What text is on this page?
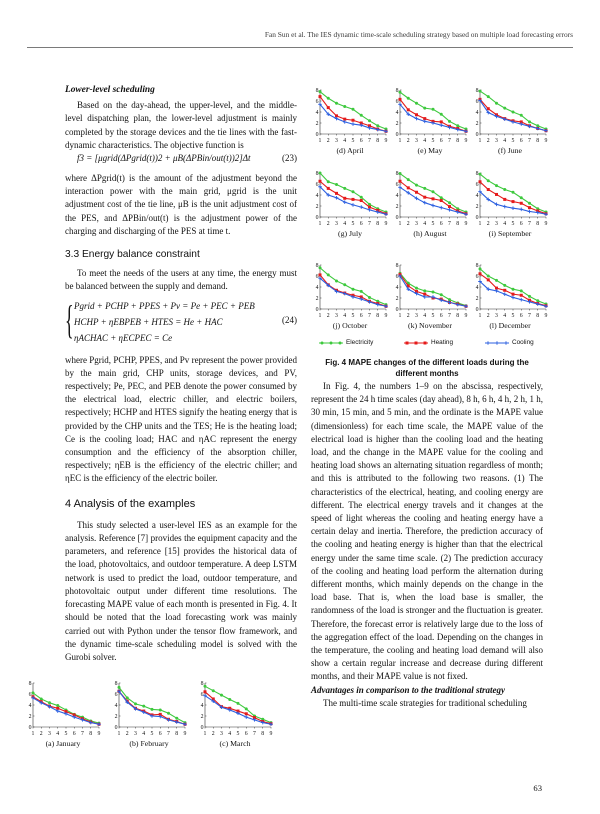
Fan Sun et al. The IES dynamic time-scale scheduling strategy based on multiple load forecasting errors
Lower-level scheduling

Based on the day-ahead, the upper-level, and the middle-level dispatching plan, the lower-level adjustment is mainly completed by the storage devices and the tie lines with the fast-dynamic characteristics. The objective function is

f3 = [μgrid(ΔPgrid(t))2 + μB(ΔPBin/out(t))2]Δt	(23)

where ΔPgrid(t) is the amount of the adjustment beyond the interaction power with the main grid, μgrid is the unit adjustment cost of the tie line, μB is the unit adjustment cost of the PES, and ΔPBin/out(t) is the adjustment power of the charging and discharging of the PES at time t.

3.3 Energy balance constraint

To meet the needs of the users at any time, the energy must be balanced between the supply and demand.

{ Pgrid + PCHP + PPES + Pv = Pe + PEC + PEB
HCHP + ηEBPEB + HTES = He + HAC
ηACHAC + ηECPEC = Ce
(24)

where Pgrid, PCHP, PPES, and Pv represent the power provided by the main grid, CHP units, storage devices, and PV, respectively; Pe, PEC, and PEB denote the power consumed by the electrical load, electric chiller, and electric boilers, respectively; HCHP and HTES signify the heating energy that is provided by the CHP units and the TES; He is the heating load; Ce is the cooling load; HAC and ηAC represent the energy consumption and the efficiency of the absorption chiller, respectively; ηEB is the efficiency of the electric chiller; and ηEC is the efficiency of the electric boiler.

4 Analysis of the examples

This study selected a user-level IES as an example for the analysis. Reference [7] provides the equipment capacity and the parameters, and reference [15] provides the historical data of the load, photovoltaics, and outdoor temperature. A deep LSTM network is used to predict the load, outdoor temperature, and photovoltaic output under different time resolutions. The forecasting MAPE value of each month is presented in Fig. 4. It should be noted that the load forecasting work was mainly carried out with Python under the tensor flow framework, and the dynamic time-scale scheduling model is solved with the Gurobi solver.

0
2
4
6
8
1 2 3 4 5 6 7 8 9
(a) January
0
2
4
6
8
1 2 3 4 5 6 7 8 9
(b) February
0
2
4
6
8
1 2 3 4 5 6 7 8 9
(c) March
0
2
4
6
8
1 2 3 4 5 6 7 8 9
(d) April
0
2
4
6
8
1 2 3 4 5 6 7 8 9
(e) May
0
2
4
6
8
1 2 3 4 5 6 7 8 9
(f) June
0
2
4
6
8
1 2 3 4 5 6 7 8 9
(g) July
0
2
4
6
8
1 2 3 4 5 6 7 8 9
(h) August
0
2
4
6
8
1 2 3 4 5 6 7 8 9
(i) September
0
2
4
6
8
1 2 3 4 5 6 7 8 9
(j) October
0
2
4
6
8
1 2 3 4 5 6 7 8 9
(k) November
0
2
4
6
8
1 2 3 4 5 6 7 8 9
(l) December
Electricity	Heating	Cooling
Fig. 4 MAPE changes of the different loads during the different months

In Fig. 4, the numbers 1–9 on the abscissa, respectively, represent the 24 h time scales (day ahead), 8 h, 6 h, 4 h, 2 h, 1 h, 30 min, 15 min, and 5 min, and the ordinate is the MAPE value (dimensionless) for each time scale, the MAPE value of the electrical load is higher than the cooling load and the heating load, and the change in the MAPE value for the cooling and heating load shows an alternating situation regardless of month; and this is attributed to the following two reasons. (1) The characteristics of the electrical, heating, and cooling energy are different. The electrical energy travels and it changes at the speed of light whereas the cooling and heating energy have a certain delay and inertia. Therefore, the prediction accuracy of the cooling and heating energy is higher than that the electrical energy under the same time scale. (2) The prediction accuracy of the cooling and heating load perform the alternation during different months, which mainly depends on the change in the load base. That is, when the load base is smaller, the randomness of the load is stronger and the fluctuation is greater. Therefore, the forecast error is relatively large due to the loss of the aggregation effect of the load. Depending on the changes in the temperature, the cooling and heating load demand will also show a certain regular increase and decrease during different months, and their MAPE value is not fixed.

Advantages in comparison to the traditional strategy

The multi-time scale strategies for traditional scheduling

63
